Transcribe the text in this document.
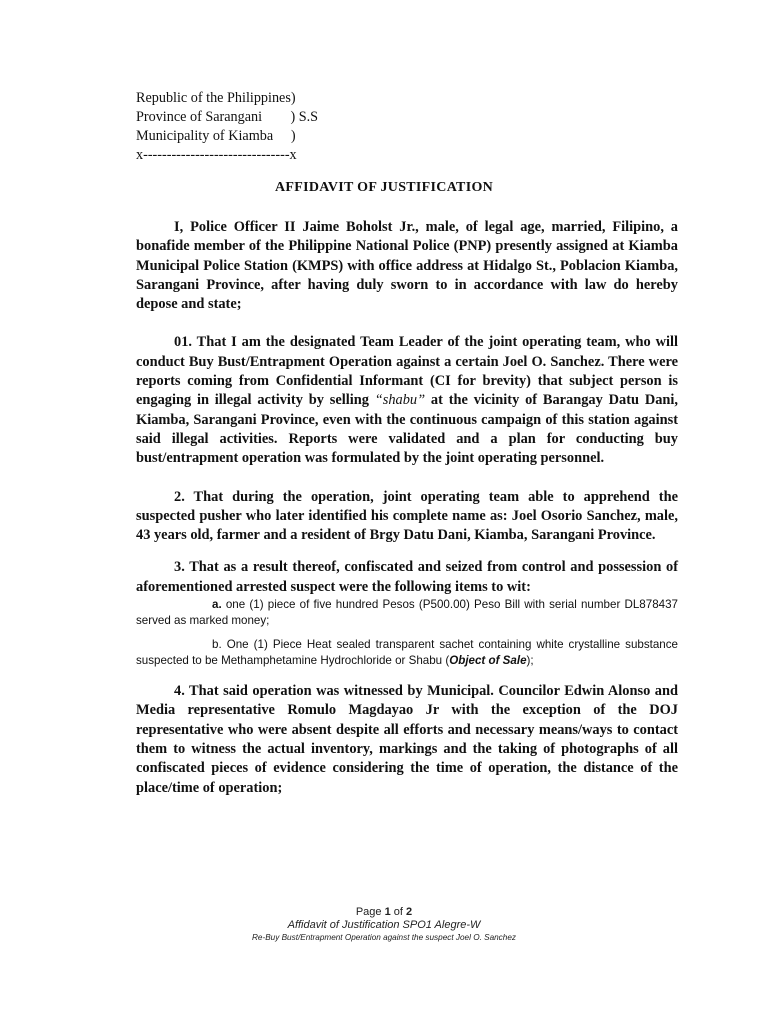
Republic of the Philippines)
Province of Sarangani        ) S.S
Municipality of Kiamba     )
x-------------------------------x
AFFIDAVIT OF JUSTIFICATION

I, Police Officer II Jaime Boholst Jr., male, of legal age, married, Filipino, a bonafide member of the Philippine National Police (PNP) presently assigned at Kiamba Municipal Police Station (KMPS) with office address at Hidalgo St., Poblacion Kiamba, Sarangani Province, after having duly sworn to in accordance with law do hereby depose and state;

01. That I am the designated Team Leader of the joint operating team, who will conduct Buy Bust/Entrapment Operation against a certain Joel O. Sanchez. There were reports coming from Confidential Informant (CI for brevity) that subject person is engaging in illegal activity by selling “shabu” at the vicinity of Barangay Datu Dani, Kiamba, Sarangani Province, even with the continuous campaign of this station against said illegal activities. Reports were validated and a plan for conducting buy bust/entrapment operation was formulated by the joint operating personnel.

2. That during the operation, joint operating team able to apprehend the suspected pusher who later identified his complete name as: Joel Osorio Sanchez, male, 43 years old, farmer and a resident of Brgy Datu Dani, Kiamba, Sarangani Province.

3. That as a result thereof, confiscated and seized from control and possession of aforementioned arrested suspect were the following items to wit:

a. one (1) piece of five hundred Pesos (P500.00) Peso Bill with serial number DL878437 served as marked money;

b. One (1) Piece Heat sealed transparent sachet containing white crystalline substance suspected to be Methamphetamine Hydrochloride or Shabu (Object of Sale);

4. That said operation was witnessed by Municipal. Councilor Edwin Alonso and Media representative Romulo Magdayao Jr with the exception of the DOJ representative who were absent despite all efforts and necessary means/ways to contact them to witness the actual inventory, markings and the taking of photographs of all confiscated pieces of evidence considering the time of operation, the distance of the place/time of operation;

Page 1 of 2
Affidavit of Justification SPO1 Alegre-W
Re-Buy Bust/Entrapment Operation against the suspect Joel O. Sanchez
